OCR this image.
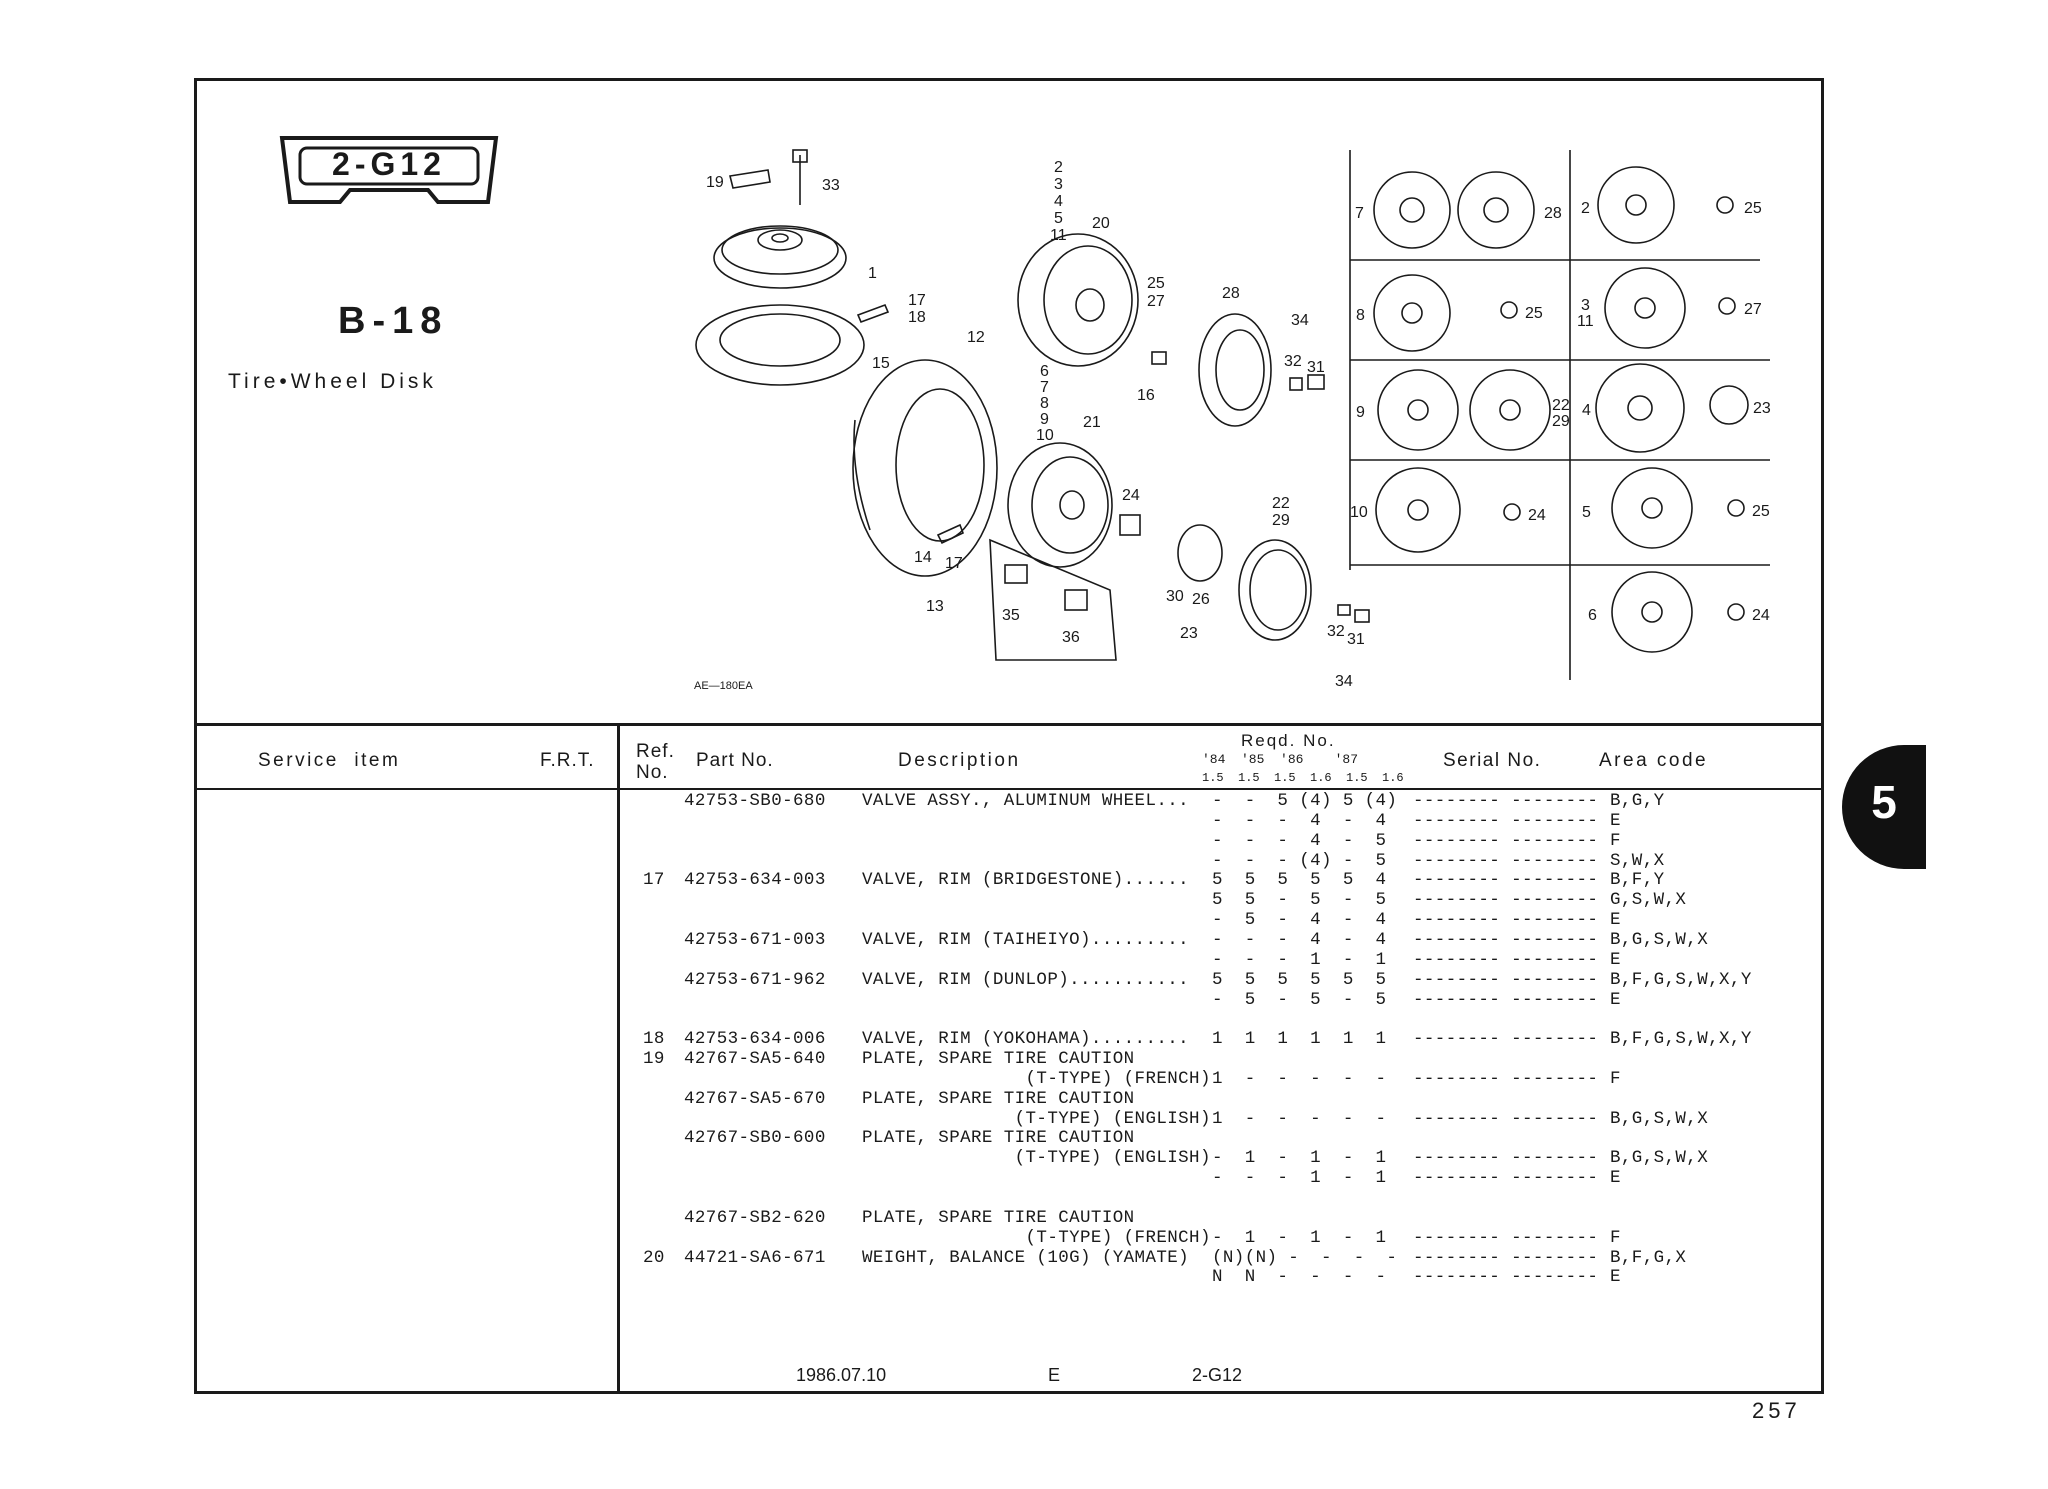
2-G12
B-18
Tire•Wheel Disk
19	33
1
17
18
12
15
14 17
13
2
3
4
5
11
20
25
27
16
6
7
8
9
10
21
24
35
36
28
34
32 31
30 26
23
22
29
32 31
34
7	28 2	25
8	25 3
11
27
9	22
29
4	23
10	24 5	25
6	24
AE—180EA
Service  item	F.R.T. Ref.
No.
Part No.	Description
Reqd. No.
'84  '85  '86    '87
1.5  1.5  1.5  1.6  1.5  1.6
Serial No.	Area code
42753-SB0-680 VALVE ASSY., ALUMINUM WHEEL... -  -  5 (4) 5 (4) -------- -------- B,G,Y
-  -  -  4  -  4 -------- -------- E
-  -  -  4  -  5 -------- -------- F
-  -  - (4) -  5 -------- -------- S,W,X
17 42753-634-003 VALVE, RIM (BRIDGESTONE)...... 5  5  5  5  5  4 -------- -------- B,F,Y
5  5  -  5  -  5 -------- -------- G,S,W,X
-  5  -  4  -  4 -------- -------- E
42753-671-003 VALVE, RIM (TAIHEIYO)......... -  -  -  4  -  4 -------- -------- B,G,S,W,X
-  -  -  1  -  1 -------- -------- E
42753-671-962 VALVE, RIM (DUNLOP)........... 5  5  5  5  5  5 -------- -------- B,F,G,S,W,X,Y
-  5  -  5  -  5 -------- -------- E
18 42753-634-006 VALVE, RIM (YOKOHAMA)......... 1  1  1  1  1  1 -------- -------- B,F,G,S,W,X,Y
19 42767-SA5-640 PLATE, SPARE TIRE CAUTION
(T-TYPE) (FRENCH) 1  -  -  -  -  - -------- -------- F
42767-SA5-670 PLATE, SPARE TIRE CAUTION
(T-TYPE) (ENGLISH) 1  -  -  -  -  - -------- -------- B,G,S,W,X
42767-SB0-600 PLATE, SPARE TIRE CAUTION
(T-TYPE) (ENGLISH) -  1  -  1  -  1 -------- -------- B,G,S,W,X
-  -  -  1  -  1 -------- -------- E
42767-SB2-620 PLATE, SPARE TIRE CAUTION
(T-TYPE) (FRENCH) -  1  -  1  -  1 -------- -------- F
20 44721-SA6-671 WEIGHT, BALANCE (10G) (YAMATE) (N)(N) -  -  -  - -------- -------- B,F,G,X
N  N  -  -  -  - -------- -------- E
1986.07.10	E	2-G12
257
5
